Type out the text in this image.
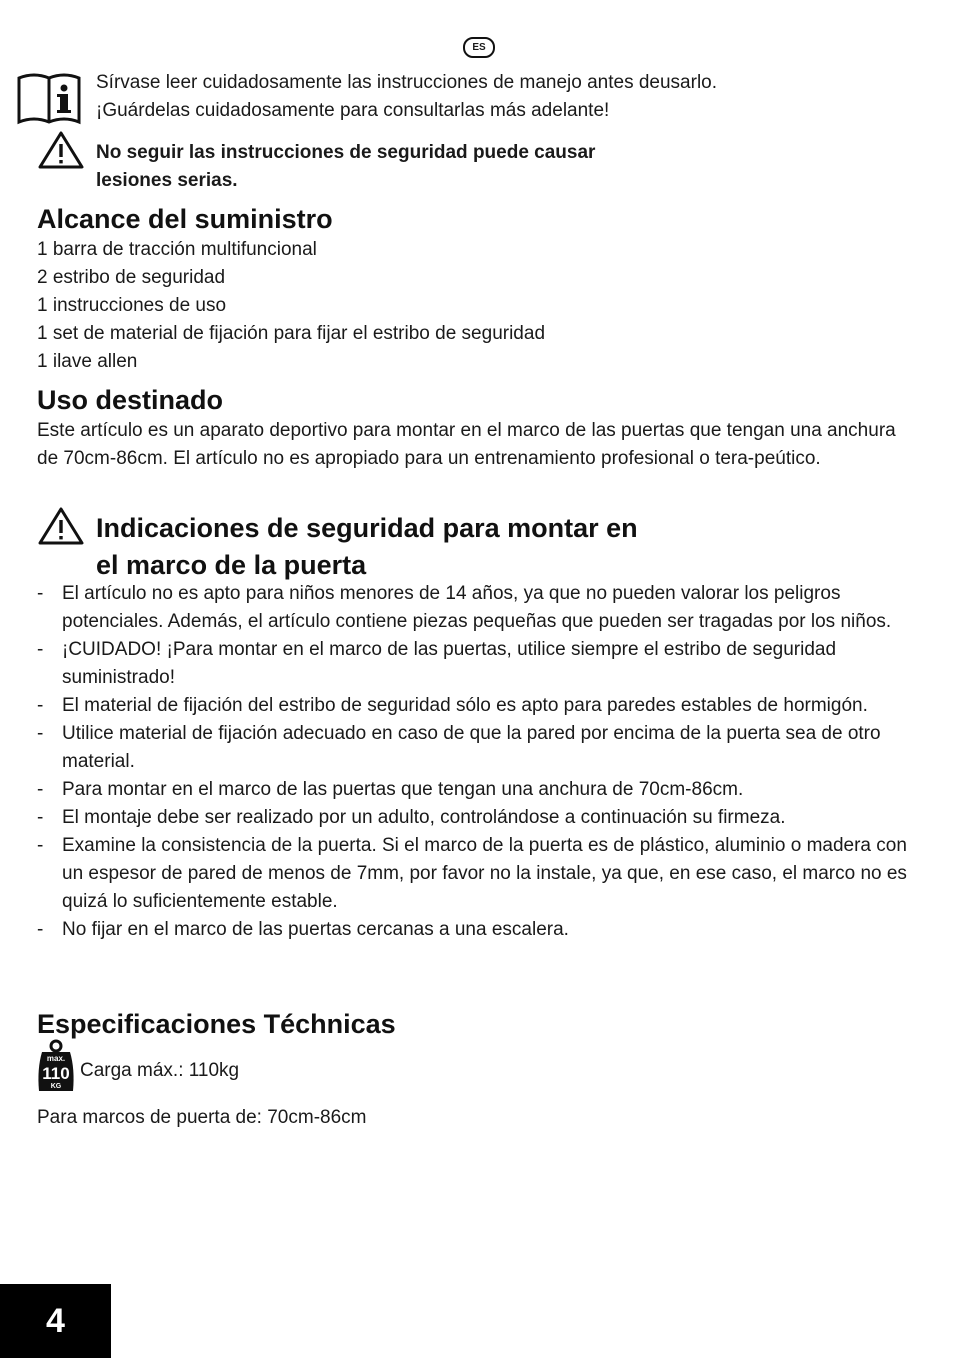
ES
Sírvase leer cuidadosamente las instrucciones de manejo antes deusarlo.
¡Guárdelas cuidadosamente para consultarlas más adelante!
No seguir las instrucciones de seguridad puede causar
lesiones serias.
Alcance del suministro
1 barra de tracción multifuncional
2 estribo de seguridad
1 instrucciones de uso
1 set de material de fijación para fijar el estribo de seguridad
1 ilave allen
Uso destinado
Este artículo es un aparato deportivo para montar en el marco de las puertas que tengan una anchura de 70cm-86cm. El artículo no es apropiado para un entrenamiento profesional o tera-peútico.
Indicaciones de seguridad para montar en
el marco de la puerta
- El artículo no es apto para niños menores de 14 años, ya que no pueden valorar los peligros potenciales. Además, el artículo contiene piezas pequeñas que pueden ser tragadas por los niños.
- ¡CUIDADO! ¡Para montar en el marco de las puertas, utilice siempre el estribo de seguridad suministrado!
- El material de fijación del estribo de seguridad sólo es apto para paredes estables de hormigón.
- Utilice material de fijación adecuado en caso de que la pared por encima de la puerta sea de otro material.
- Para montar en el marco de las puertas que tengan una anchura de 70cm-86cm.
- El montaje debe ser realizado por un adulto, controlándose a continuación su firmeza.
- Examine la consistencia de la puerta. Si el marco de la puerta es de plástico, aluminio o madera con un espesor de pared de menos de 7mm, por favor no la instale, ya que, en ese caso, el marco no es quizá lo suficientemente estable.
- No fijar en el marco de las puertas cercanas a una escalera.
Especificaciones Téchnicas
max.
110
KG
Carga máx.: 110kg
Para marcos de puerta de: 70cm-86cm
4
